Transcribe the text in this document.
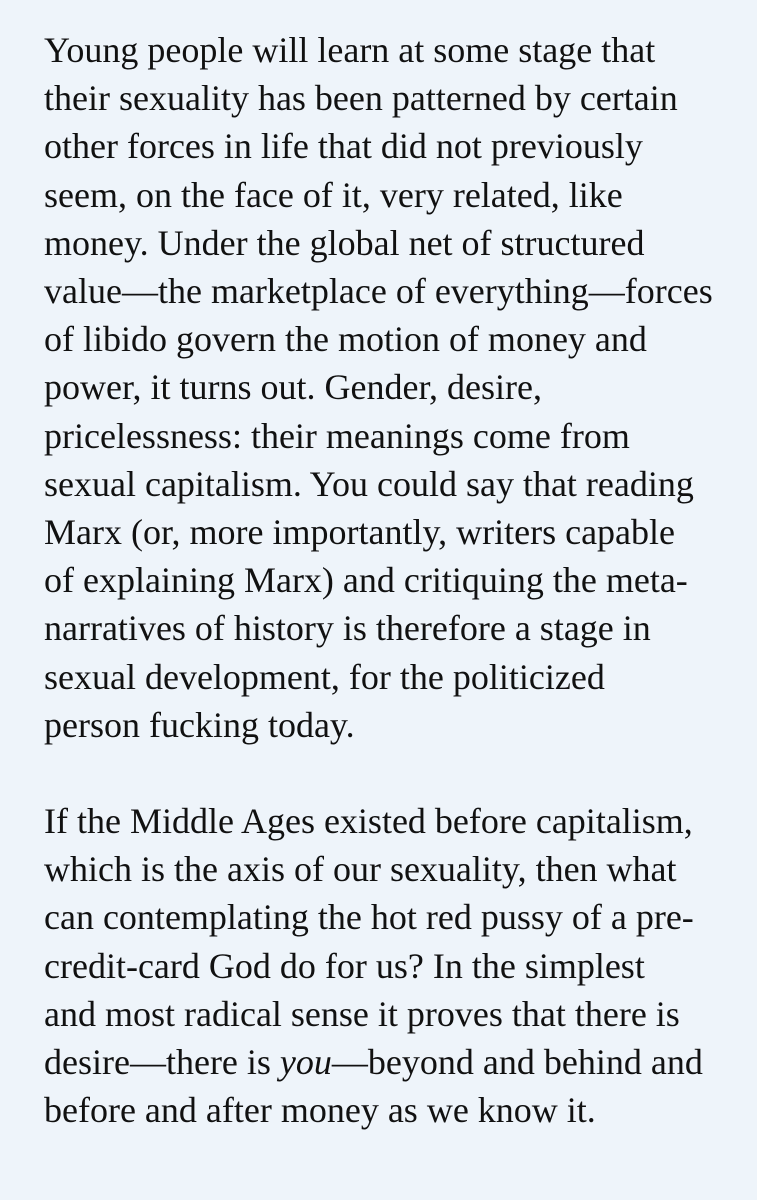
Young people will learn at some stage that
their sexuality has been patterned by certain
other forces in life that did not previously
seem, on the face of it, very related, like
money. Under the global net of structured
value—the marketplace of everything—forces
of libido govern the motion of money and
power, it turns out. Gender, desire,
pricelessness: their meanings come from
sexual capitalism. You could say that reading
Marx (or, more importantly, writers capable
of explaining Marx) and critiquing the meta-
narratives of history is therefore a stage in
sexual development, for the politicized
person fucking today.

If the Middle Ages existed before capitalism,
which is the axis of our sexuality, then what
can contemplating the hot red pussy of a pre-
credit-card God do for us? In the simplest
and most radical sense it proves that there is
desire—there is you—beyond and behind and
before and after money as we know it.
